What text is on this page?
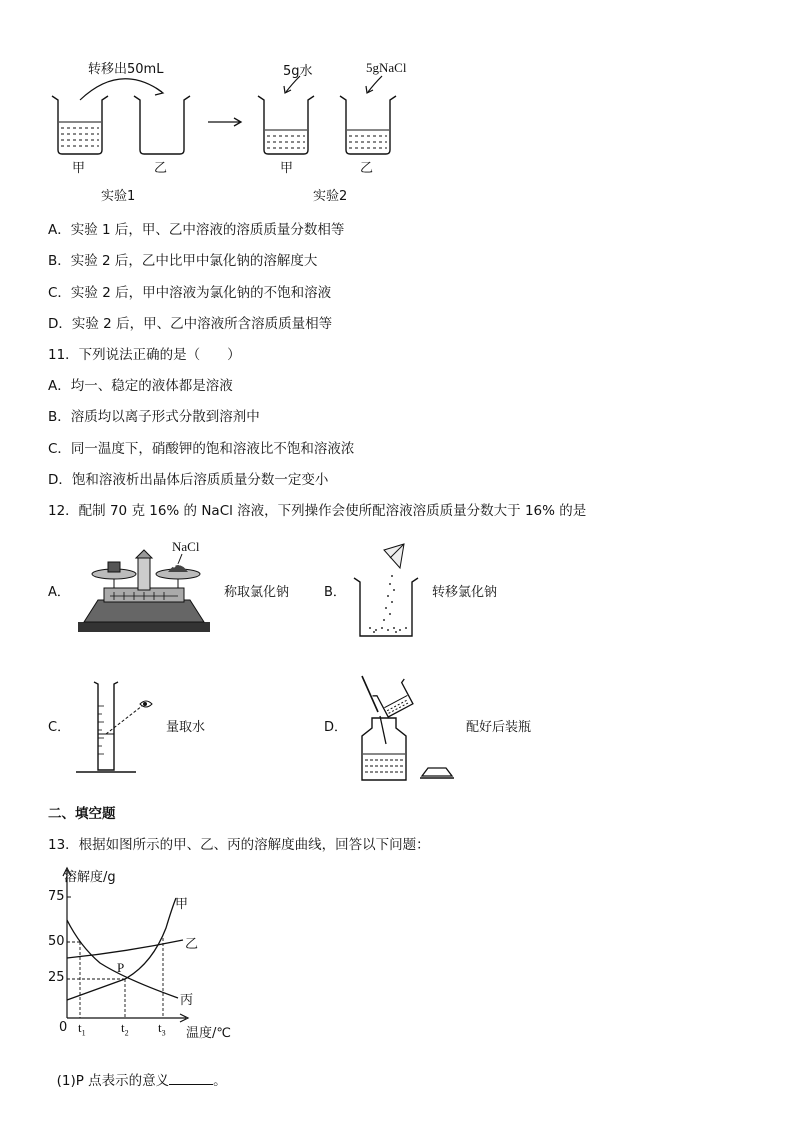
转移出50mL	5g水	5gNaCl
甲	乙	甲	乙
实验1	实验2
A．实验 1 后，甲、乙中溶液的溶质质量分数相等
B．实验 2 后，乙中比甲中氯化钠的溶解度大
C．实验 2 后，甲中溶液为氯化钠的不饱和溶液
D．实验 2 后，甲、乙中溶液所含溶质质量相等
11．下列说法正确的是（　　）
A．均一、稳定的液体都是溶液
B．溶质均以离子形式分散到溶剂中
C．同一温度下，硝酸钾的饱和溶液比不饱和溶液浓
D．饱和溶液析出晶体后溶质质量分数一定变小
12．配制 70 克 16% 的 NaCl 溶液，下列操作会使所配溶液溶质质量分数大于 16% 的是
A．
NaCl
称取氯化钠	B．	转移氯化钠
C．	量取水	D．	配好后装瓶
二、填空题
13．根据如图所示的甲、乙、丙的溶解度曲线，回答以下问题：
溶解度/g
75
50
25
0 $t_1$	$t_2$ $t_3$ 温度/℃
甲
乙
丙
P

(1)P 点表示的意义	。
